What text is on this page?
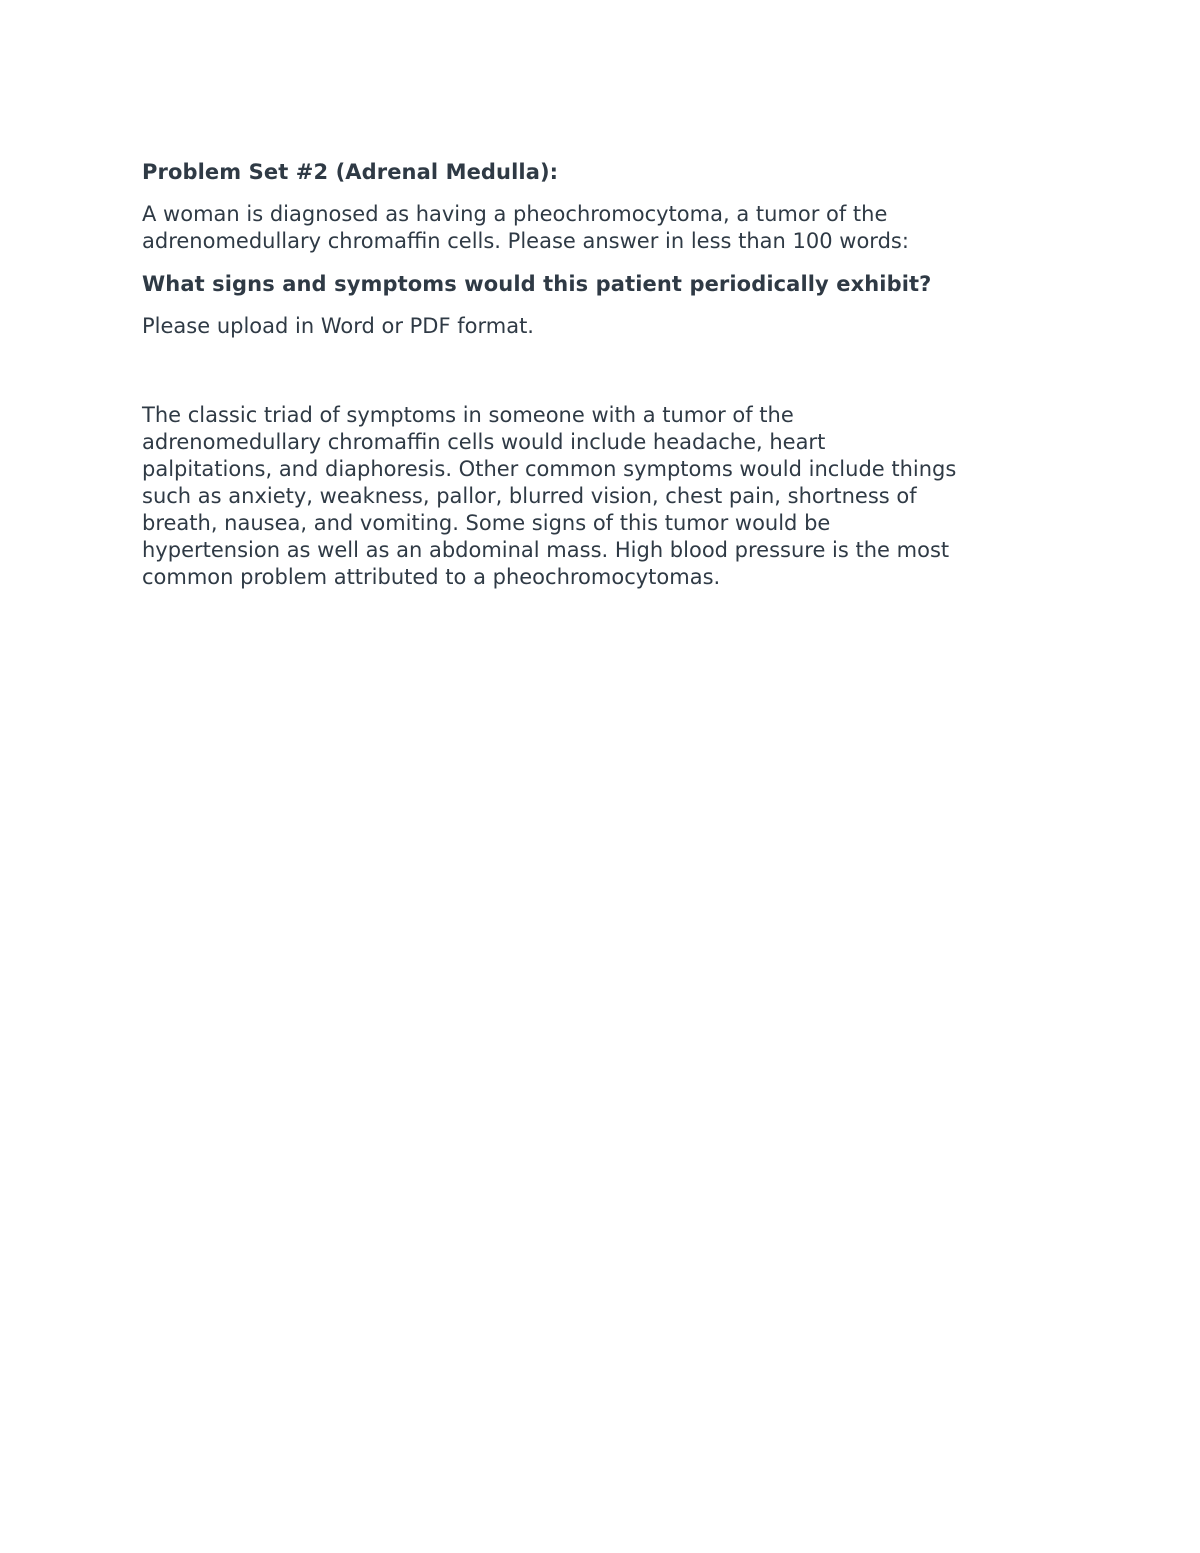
Problem Set #2 (Adrenal Medulla):
A woman is diagnosed as having a pheochromocytoma, a tumor of the
adrenomedullary chromaffin cells. Please answer in less than 100 words:
What signs and symptoms would this patient periodically exhibit?
Please upload in Word or PDF format.
The classic triad of symptoms in someone with a tumor of the
adrenomedullary chromaffin cells would include headache, heart
palpitations, and diaphoresis. Other common symptoms would include things
such as anxiety, weakness, pallor, blurred vision, chest pain, shortness of
breath, nausea, and vomiting. Some signs of this tumor would be
hypertension as well as an abdominal mass. High blood pressure is the most
common problem attributed to a pheochromocytomas.
